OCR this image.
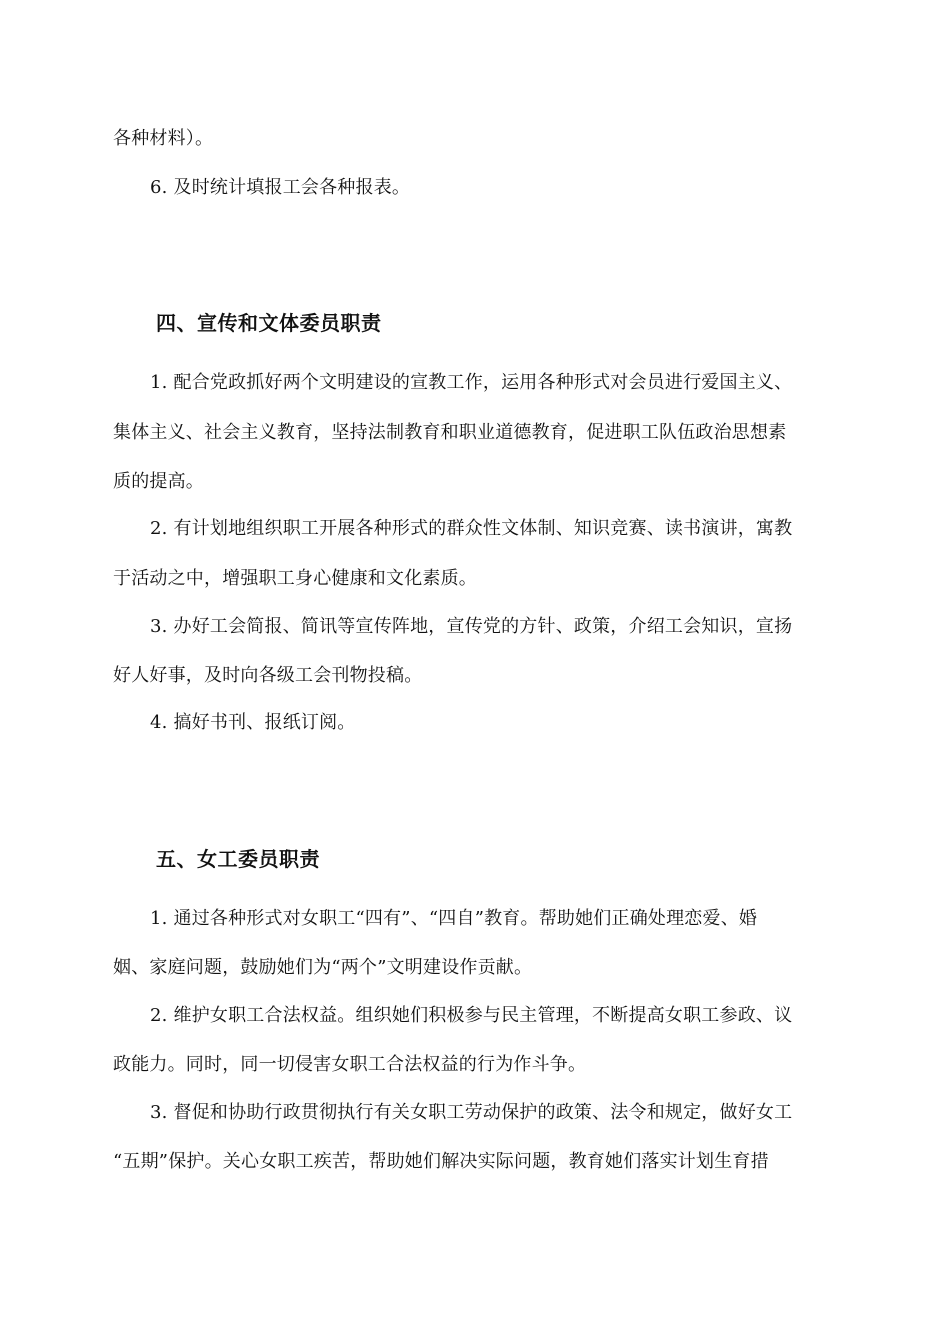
各种材料）。
6. 及时统计填报工会各种报表。
四、宣传和文体委员职责
1. 配合党政抓好两个文明建设的宣教工作，运用各种形式对会员进行爱国主义、
集体主义、社会主义教育，坚持法制教育和职业道德教育，促进职工队伍政治思想素
质的提高。
2. 有计划地组织职工开展各种形式的群众性文体制、知识竞赛、读书演讲，寓教
于活动之中，增强职工身心健康和文化素质。
3. 办好工会简报、简讯等宣传阵地，宣传党的方针、政策，介绍工会知识，宣扬
好人好事，及时向各级工会刊物投稿。
4. 搞好书刊、报纸订阅。
五、女工委员职责
1. 通过各种形式对女职工“四有”、“四自”教育。帮助她们正确处理恋爱、婚
姻、家庭问题，鼓励她们为“两个”文明建设作贡献。
2. 维护女职工合法权益。组织她们积极参与民主管理，不断提高女职工参政、议
政能力。同时，同一切侵害女职工合法权益的行为作斗争。
3. 督促和协助行政贯彻执行有关女职工劳动保护的政策、法令和规定，做好女工
“五期”保护。关心女职工疾苦，帮助她们解决实际问题，教育她们落实计划生育措
